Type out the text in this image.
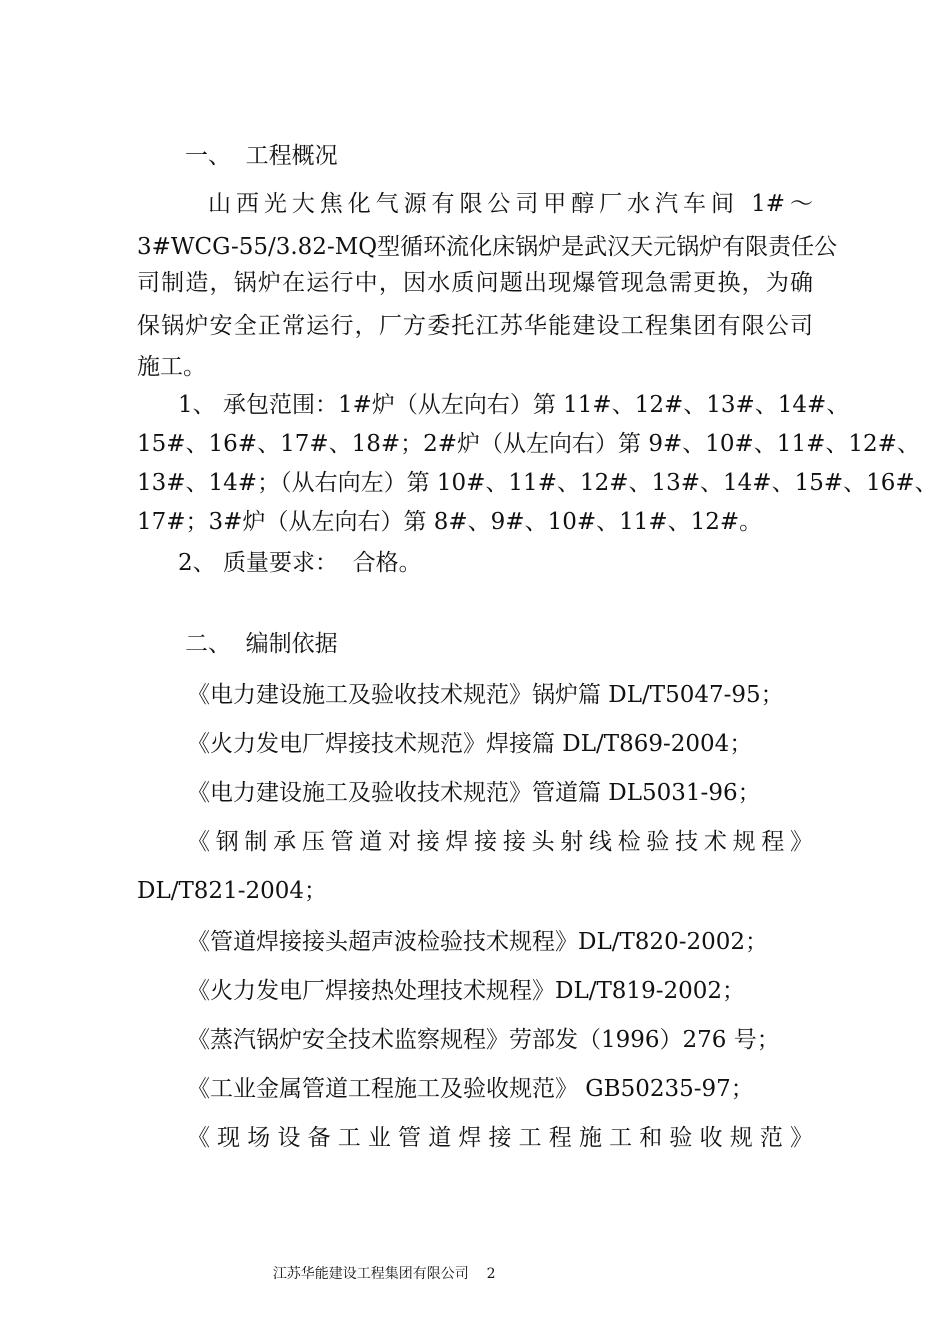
一、  工程概况
山西光大焦化气源有限公司甲醇厂水汽车间 1#～
3#WCG-55/3.82-MQ型循环流化床锅炉是武汉天元锅炉有限责任公
司制造，锅炉在运行中，因水质问题出现爆管现急需更换，为确
保锅炉安全正常运行，厂方委托江苏华能建设工程集团有限公司
施工。
1、 承包范围：1#炉（从左向右）第 11#、12#、13#、14#、
15#、16#、17#、18#；2#炉（从左向右）第 9#、10#、11#、12#、
13#、14#；（从右向左）第 10#、11#、12#、13#、14#、15#、16#、
17#；3#炉（从左向右）第 8#、9#、10#、11#、12#。
2、 质量要求：  合格。
二、  编制依据
《电力建设施工及验收技术规范》锅炉篇 DL/T5047-95；
《火力发电厂焊接技术规范》焊接篇 DL/T869-2004；
《电力建设施工及验收技术规范》管道篇 DL5031-96；
《钢制承压管道对接焊接接头射线检验技术规程》
DL/T821-2004；
《管道焊接接头超声波检验技术规程》DL/T820-2002；
《火力发电厂焊接热处理技术规程》DL/T819-2002；
《蒸汽锅炉安全技术监察规程》劳部发（1996）276 号；
《工业金属管道工程施工及验收规范》 GB50235-97；
《现场设备工业管道焊接工程施工和验收规范》

江苏华能建设工程集团有限公司 2
